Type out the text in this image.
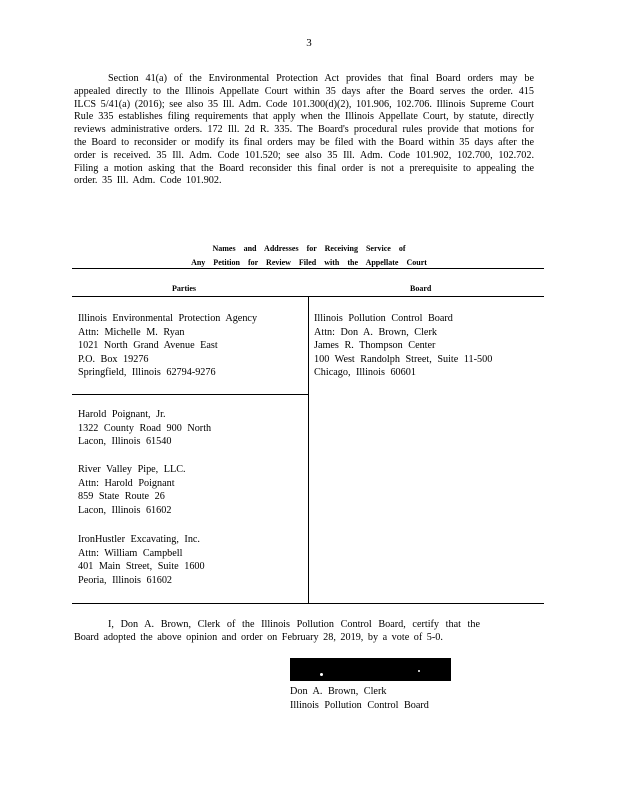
3
Section 41(a) of the Environmental Protection Act provides that final Board orders may be appealed directly to the Illinois Appellate Court within 35 days after the Board serves the order. 415 ILCS 5/41(a) (2016); see also 35 Ill. Adm. Code 101.300(d)(2), 101.906, 102.706. Illinois Supreme Court Rule 335 establishes filing requirements that apply when the Illinois Appellate Court, by statute, directly reviews administrative orders. 172 Ill. 2d R. 335. The Board's procedural rules provide that motions for the Board to reconsider or modify its final orders may be filed with the Board within 35 days after the order is received. 35 Ill. Adm. Code 101.520; see also 35 Ill. Adm. Code 101.902, 102.700, 102.702. Filing a motion asking that the Board reconsider this final order is not a prerequisite to appealing the order. 35 Ill. Adm. Code 101.902.
Names and Addresses for Receiving Service of
Any Petition for Review Filed with the Appellate Court
Parties	Board
Illinois Environmental Protection Agency
Attn: Michelle M. Ryan
1021 North Grand Avenue East
P.O. Box 19276
Springfield, Illinois 62794-9276
Illinois Pollution Control Board
Attn: Don A. Brown, Clerk
James R. Thompson Center
100 West Randolph Street, Suite 11-500
Chicago, Illinois 60601
Harold Poignant, Jr.
1322 County Road 900 North
Lacon, Illinois 61540
River Valley Pipe, LLC.
Attn: Harold Poignant
859 State Route 26
Lacon, Illinois 61602
IronHustler Excavating, Inc.
Attn: William Campbell
401 Main Street, Suite 1600
Peoria, Illinois 61602
I, Don A. Brown, Clerk of the Illinois Pollution Control Board, certify that the Board adopted the above opinion and order on February 28, 2019, by a vote of 5-0.
Don A. Brown, Clerk
Illinois Pollution Control Board
